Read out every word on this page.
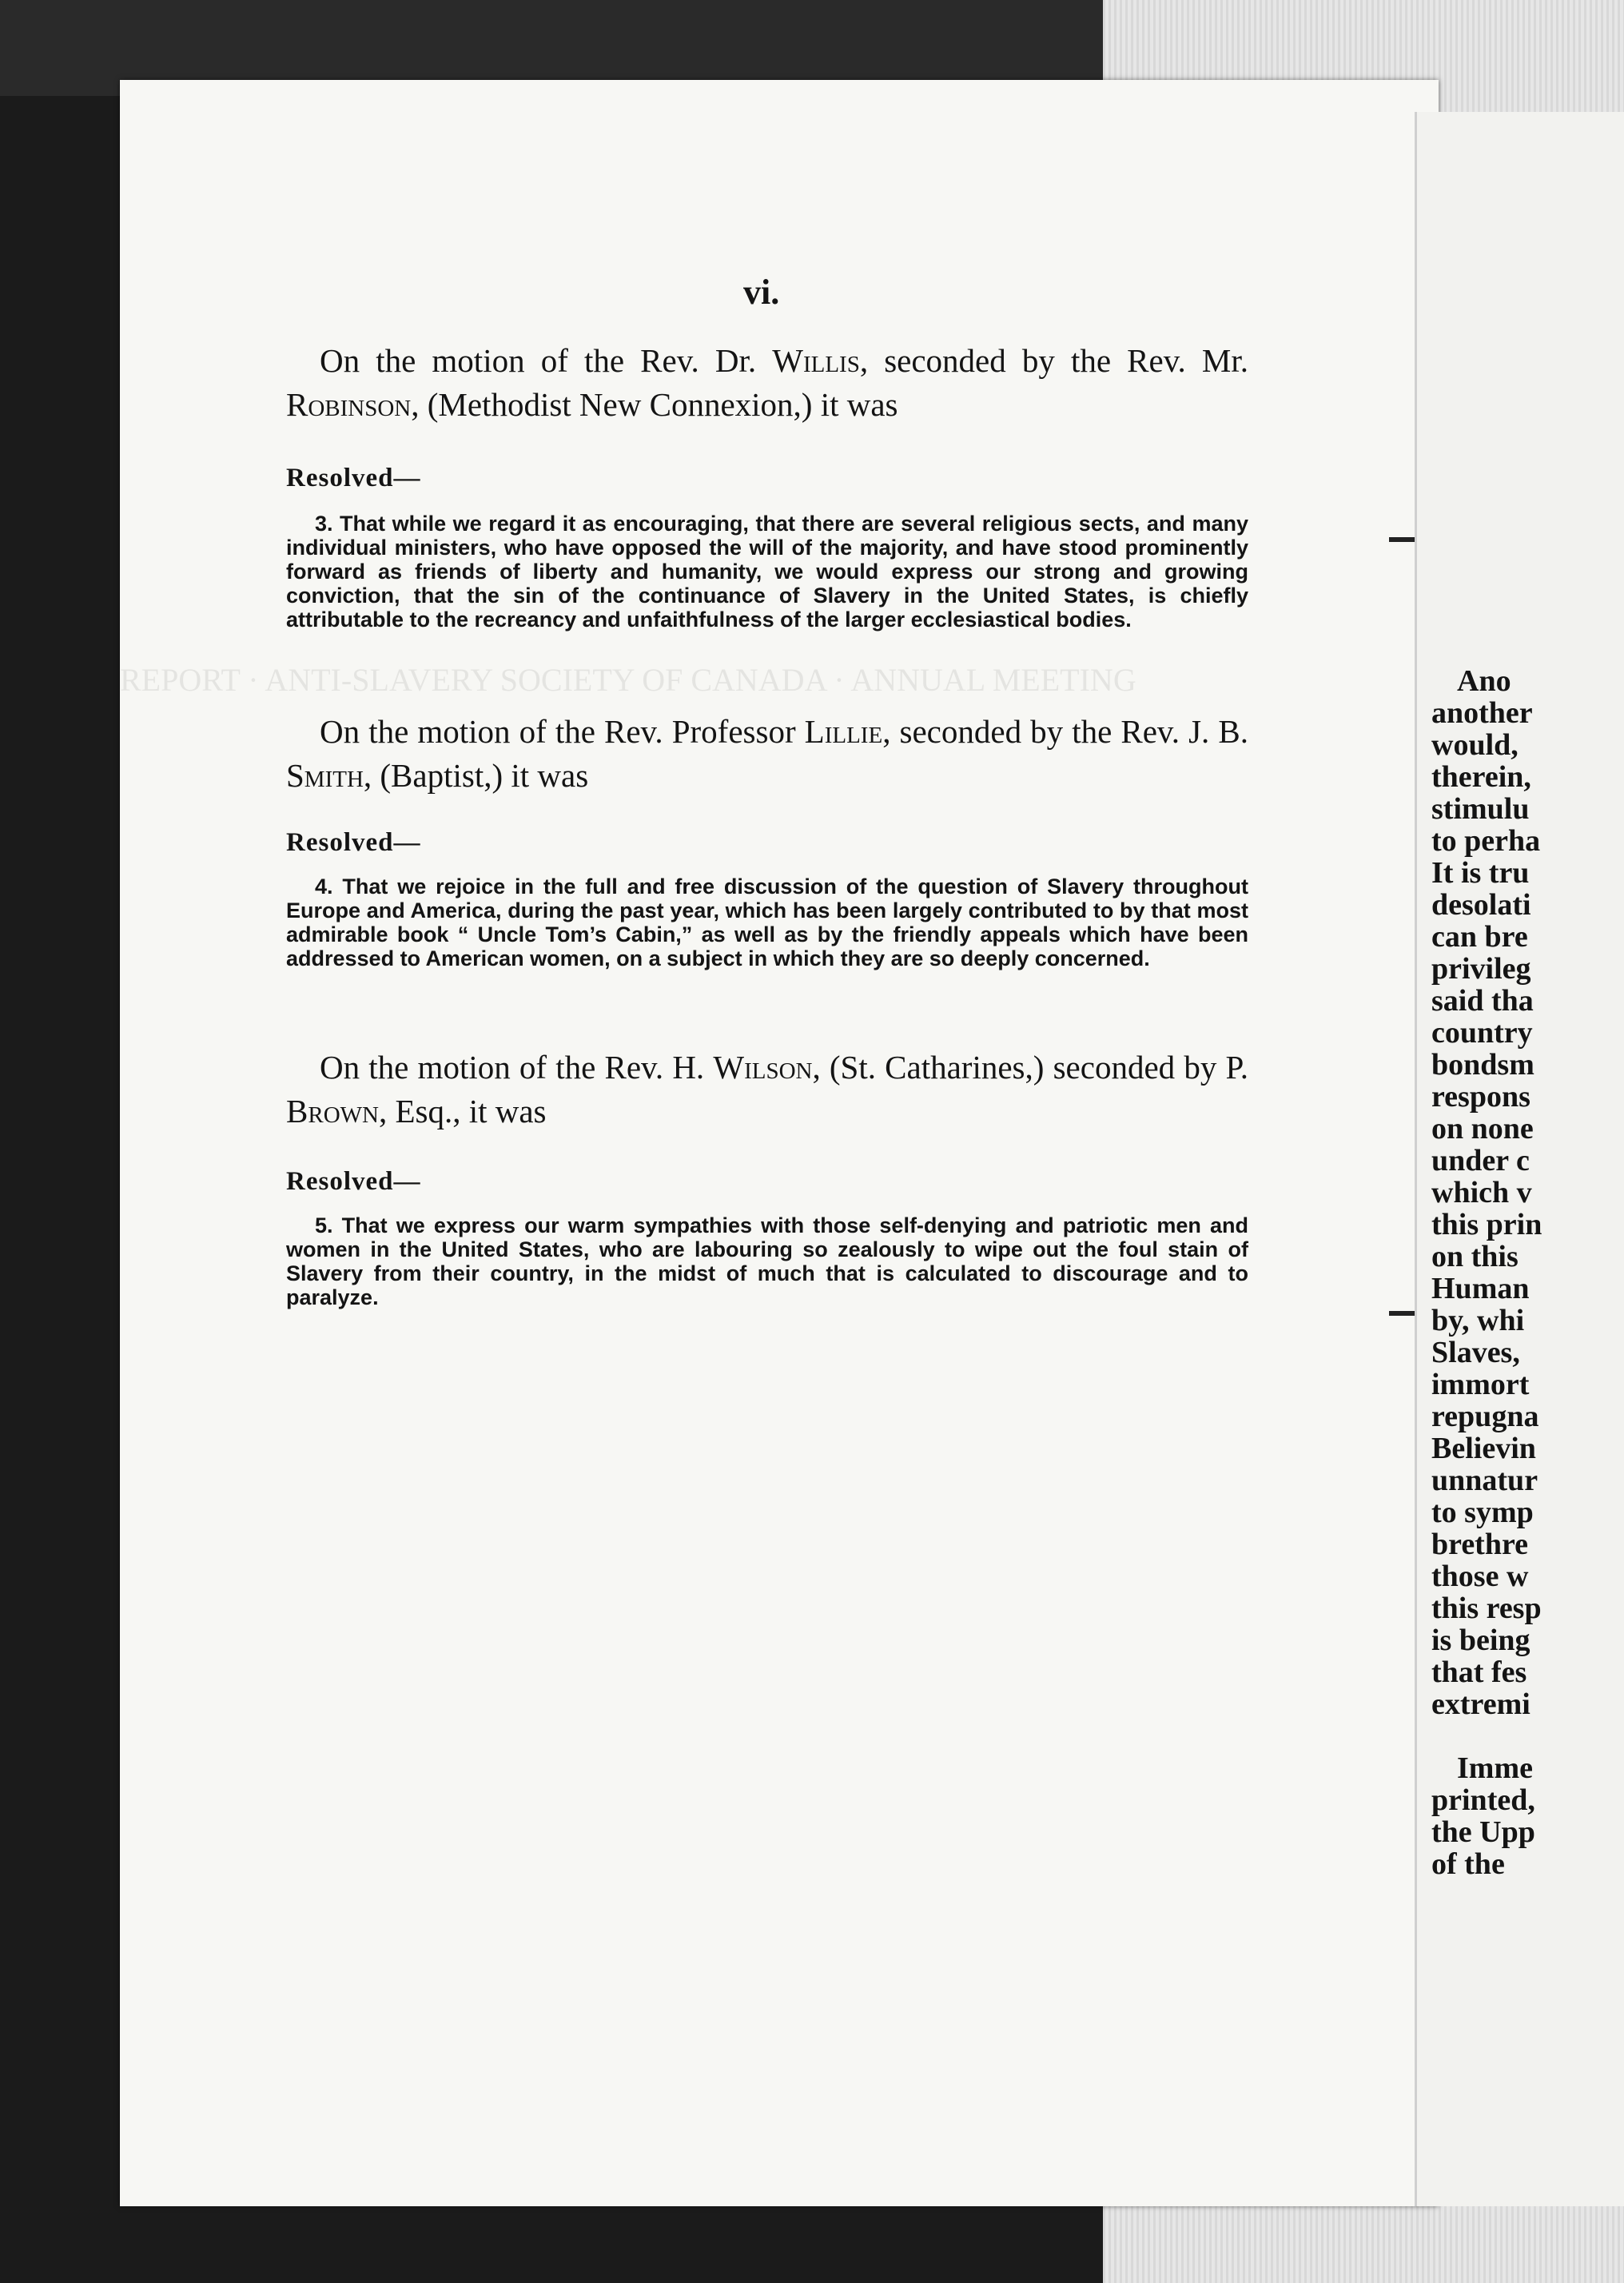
REPORT · ANTI-SLAVERY SOCIETY OF CANADA · ANNUAL MEETING
vi.
On the motion of the Rev. Dr. Willis, seconded by the Rev. Mr. Robinson, (Methodist New Connexion,) it was
Resolved—
3. That while we regard it as encouraging, that there are several religious sects, and many individual ministers, who have opposed the will of the majority, and have stood prominently forward as friends of liberty and humanity, we would express our strong and growing conviction, that the sin of the continuance of Slavery in the United States, is chiefly attributable to the recreancy and unfaithfulness of the larger ecclesiastical bodies.
On the motion of the Rev. Professor Lillie, seconded by the Rev. J. B. Smith, (Baptist,) it was
Resolved—
4. That we rejoice in the full and free discussion of the question of Slavery throughout Europe and America, during the past year, which has been largely contributed to by that most admirable book “ Uncle Tom’s Cabin,” as well as by the friendly appeals which have been addressed to American women, on a subject in which they are so deeply concerned.
On the motion of the Rev. H. Wilson, (St. Catharines,) seconded by P. Brown, Esq., it was
Resolved—
5. That we express our warm sympathies with those self-denying and patriotic men and women in the United States, who are labouring so zealously to wipe out the foul stain of Slavery from their country, in the midst of much that is calculated to discourage and to paralyze.
Ano
another
would,
therein,
stimulu
to perha
It is tru
desolati
can bre
privileg
said tha
country
bondsm
respons
on none
under c
which v
this prin
on this
Human
by, whi
Slaves,
immort
repugna
Believin
unnatur
to symp
brethre
those w
this resp
is being
that fes
extremi
Imme
printed,
the Upp
of the
